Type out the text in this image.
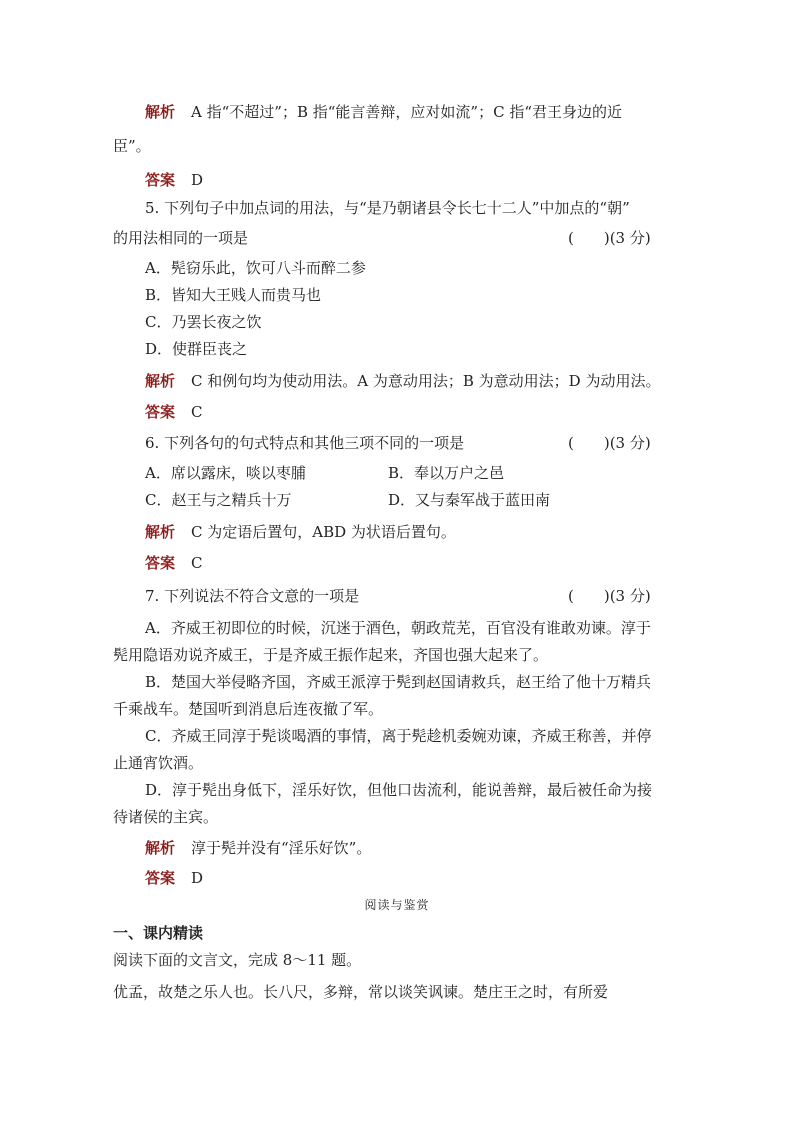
解析 A 指“不超过”；B 指“能言善辩，应对如流”；C 指“君王身边的近
臣”。
答案 D
5. 下列句子中加点词的用法，与“是乃朝诸县令长七十二人”中加点的“朝”
的用法相同的一项是	(　　)(3 分)
A．髡窃乐此，饮可八斗而醉二参
B．皆知大王贱人而贵马也
C．乃罢长夜之饮
D．使群臣丧之
解析 C 和例句均为使动用法。A 为意动用法；B 为意动用法；D 为动用法。
答案 C
6. 下列各句的句式特点和其他三项不同的一项是	(　　)(3 分)
A．席以露床，啖以枣脯	B．奉以万户之邑
C．赵王与之精兵十万	D．又与秦军战于蓝田南
解析 C 为定语后置句，ABD 为状语后置句。
答案 C
7. 下列说法不符合文意的一项是	(　　)(3 分)
A．齐威王初即位的时候，沉迷于酒色，朝政荒芜，百官没有谁敢劝谏。淳于
髡用隐语劝说齐威王，于是齐威王振作起来，齐国也强大起来了。
B．楚国大举侵略齐国，齐威王派淳于髡到赵国请救兵，赵王给了他十万精兵
千乘战车。楚国听到消息后连夜撤了军。
C．齐威王同淳于髡谈喝酒的事情，离于髡趁机委婉劝谏，齐威王称善，并停
止通宵饮酒。
D．淳于髡出身低下，淫乐好饮，但他口齿流利，能说善辩，最后被任命为接
待诸侯的主宾。
解析 淳于髡并没有“淫乐好饮”。
答案 D
阅读与鉴赏
一、课内精读
阅读下面的文言文，完成 8～11 题。
优孟，故楚之乐人也。长八尺，多辩，常以谈笑讽谏。楚庄王之时，有所爱
